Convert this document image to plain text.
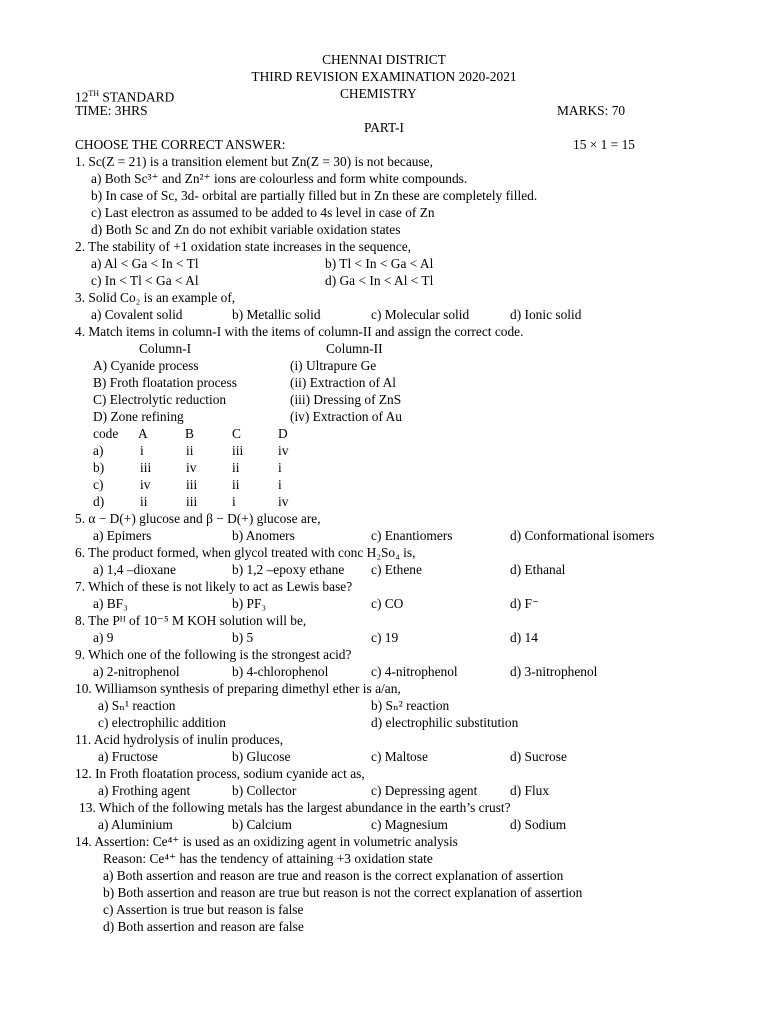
CHENNAI DISTRICT
THIRD REVISION EXAMINATION 2020-2021
12TH STANDARD	CHEMISTRY
TIME: 3HRS	MARKS: 70
PART-I
CHOOSE THE CORRECT ANSWER:	15 × 1 = 15
1. Sc(Z = 21) is a transition element but Zn(Z = 30) is not because,
a) Both Sc³⁺ and Zn²⁺ ions are colourless and form white compounds.
b) In case of Sc, 3d- orbital are partially filled but in Zn these are completely filled.
c) Last electron as assumed to be added to 4s level in case of Zn
d) Both Sc and Zn do not exhibit variable oxidation states
2. The stability of +1 oxidation state increases in the sequence,
a) Al < Ga < In < Tl	b) Tl < In < Ga < Al
c) In < Tl < Ga < Al	d) Ga < In < Al < Tl
3. Solid Co₂ is an example of,
a) Covalent solid	b) Metallic solid	c) Molecular solid	d) Ionic solid
4. Match items in column-I with the items of column-II and assign the correct code.
Column-I	Column-II
A) Cyanide process	(i) Ultrapure Ge
B) Froth floatation process	(ii) Extraction of Al
C) Electrolytic reduction	(iii) Dressing of ZnS
D) Zone refining	(iv) Extraction of Au
code A	B	C	D
a)	i	ii	iii	iv
b)	iii	iv	ii	i
c)	iv	iii	ii	i
d)	ii	iii	i	iv
5. α − D(+) glucose and β − D(+) glucose are,
a) Epimers	b) Anomers	c) Enantiomers	d) Conformational isomers
6. The product formed, when glycol treated with conc H₂So₄ is,
a) 1,4 –dioxane	b) 1,2 –epoxy ethane c) Ethene	d) Ethanal
7. Which of these is not likely to act as Lewis base?
a) BF₃	b) PF₃	c) CO	d) F⁻
8. The Pᴴ of 10⁻⁵ M KOH solution will be,
a) 9	b) 5	c) 19	d) 14
9. Which one of the following is the strongest acid?
a) 2-nitrophenol	b) 4-chlorophenol	c) 4-nitrophenol	d) 3-nitrophenol
10. Williamson synthesis of preparing dimethyl ether is a/an,
a) Sₙ¹ reaction	b) Sₙ² reaction
c) electrophilic addition	d) electrophilic substitution
11. Acid hydrolysis of inulin produces,
a) Fructose	b) Glucose	c) Maltose	d) Sucrose
12. In Froth floatation process, sodium cyanide act as,
a) Frothing agent	b) Collector	c) Depressing agent d) Flux
13. Which of the following metals has the largest abundance in the earth’s crust?
a) Aluminium	b) Calcium	c) Magnesium	d) Sodium
14. Assertion: Ce⁴⁺ is used as an oxidizing agent in volumetric analysis
Reason: Ce⁴⁺ has the tendency of attaining +3 oxidation state
a) Both assertion and reason are true and reason is the correct explanation of assertion
b) Both assertion and reason are true but reason is not the correct explanation of assertion
c) Assertion is true but reason is false
d) Both assertion and reason are false
